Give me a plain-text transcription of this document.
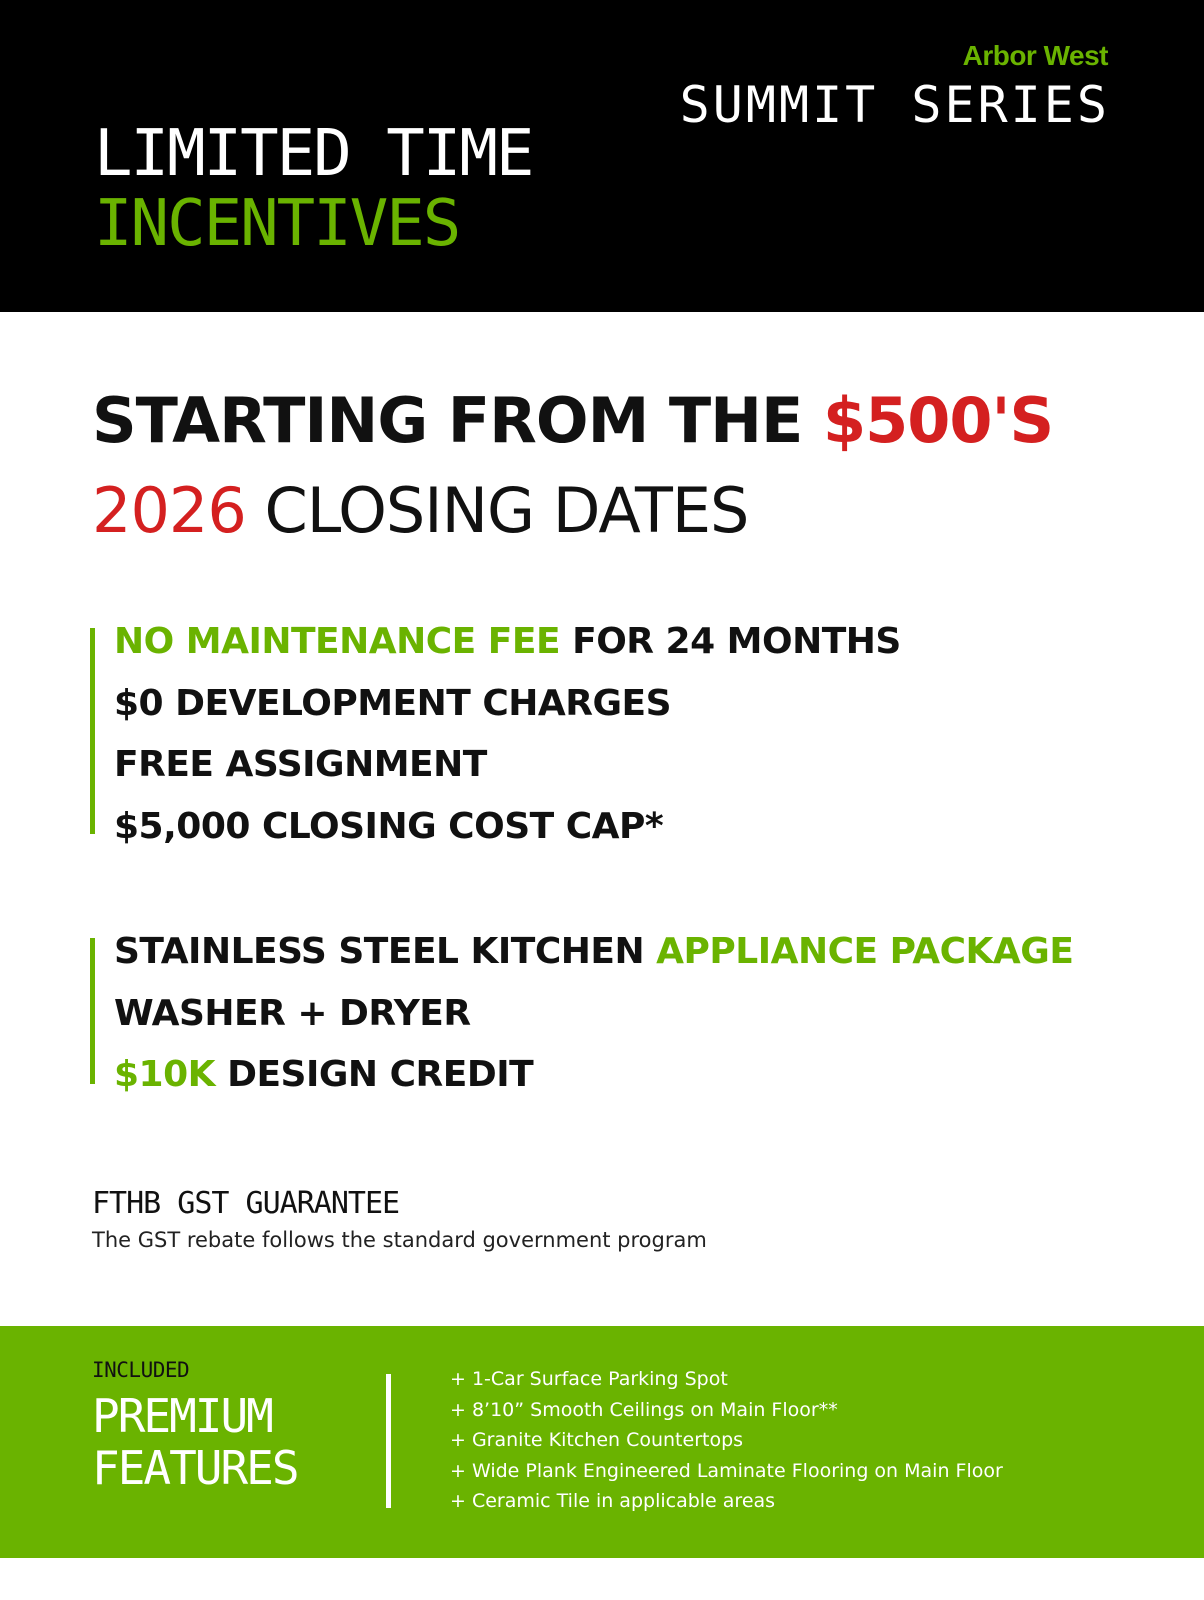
Arbor West
SUMMIT SERIES
LIMITED TIME
INCENTIVES
STARTING FROM THE $500'S
2026 CLOSING DATES
NO MAINTENANCE FEE FOR 24 MONTHS
$0 DEVELOPMENT CHARGES
FREE ASSIGNMENT
$5,000 CLOSING COST CAP*
STAINLESS STEEL KITCHEN APPLIANCE PACKAGE
WASHER + DRYER
$10K DESIGN CREDIT
FTHB GST GUARANTEE
The GST rebate follows the standard government program
INCLUDED
PREMIUM
FEATURES
+ 1-Car Surface Parking Spot
+ 8’10” Smooth Ceilings on Main Floor**
+ Granite Kitchen Countertops
+ Wide Plank Engineered Laminate Flooring on Main Floor
+ Ceramic Tile in applicable areas
